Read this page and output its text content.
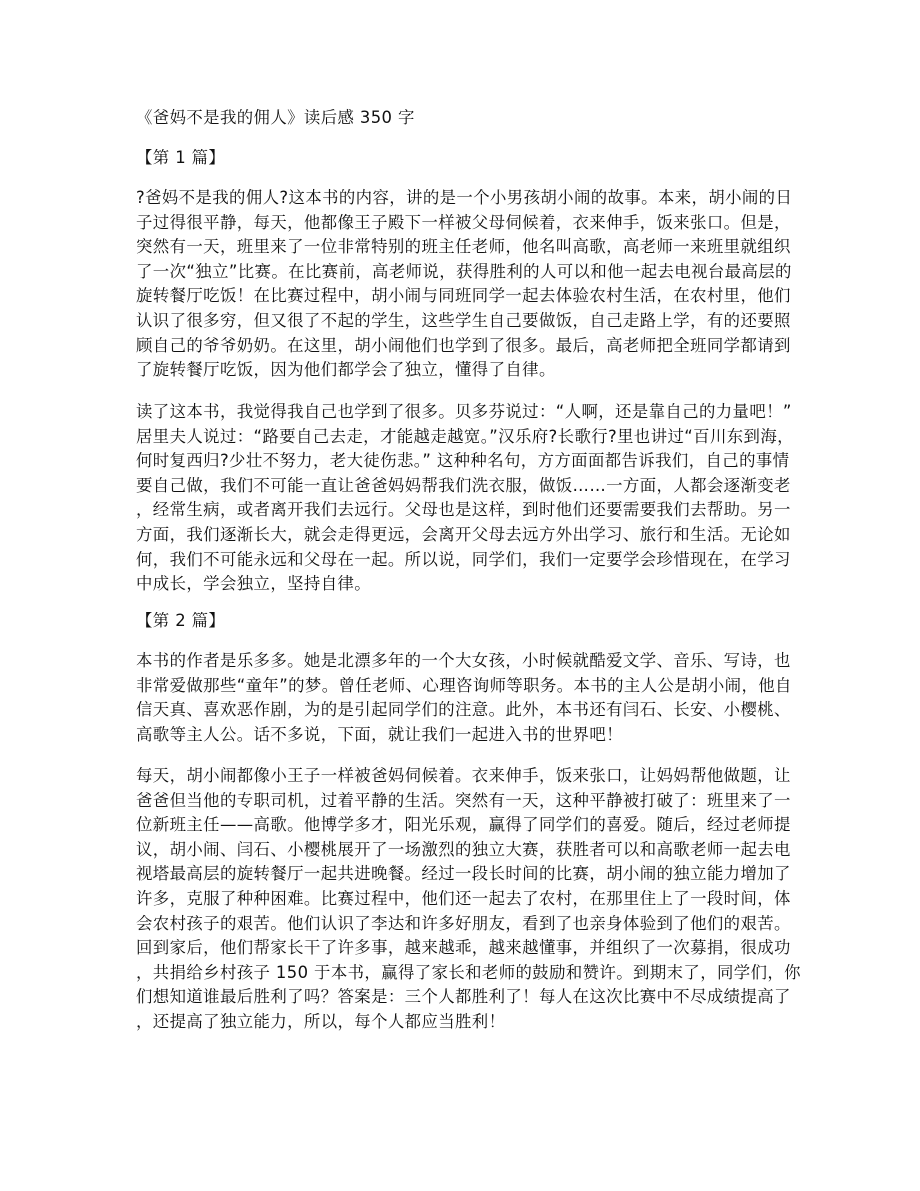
《爸妈不是我的佣人》读后感 350 字
【第 1 篇】
?爸妈不是我的佣人?这本书的内容，讲的是一个小男孩胡小闹的故事。本来，胡小闹的日
子过得很平静，每天，他都像王子殿下一样被父母伺候着，衣来伸手，饭来张口。但是，
突然有一天，班里来了一位非常特别的班主任老师，他名叫高歌，高老师一来班里就组织
了一次“独立”比赛。在比赛前，高老师说，获得胜利的人可以和他一起去电视台最高层的
旋转餐厅吃饭！在比赛过程中，胡小闹与同班同学一起去体验农村生活，在农村里，他们
认识了很多穷，但又很了不起的学生，这些学生自己要做饭，自己走路上学，有的还要照
顾自己的爷爷奶奶。在这里，胡小闹他们也学到了很多。最后，高老师把全班同学都请到
了旋转餐厅吃饭，因为他们都学会了独立，懂得了自律。
读了这本书，我觉得我自己也学到了很多。贝多芬说过：“人啊，还是靠自己的力量吧！”
居里夫人说过：“路要自己去走，才能越走越宽。”汉乐府?长歌行?里也讲过“百川东到海，
何时复西归?少壮不努力，老大徒伤悲。” 这种种名句，方方面面都告诉我们，自己的事情
要自己做，我们不可能一直让爸爸妈妈帮我们洗衣服，做饭……一方面，人都会逐渐变老
，经常生病，或者离开我们去远行。父母也是这样，到时他们还要需要我们去帮助。另一
方面，我们逐渐长大，就会走得更远，会离开父母去远方外出学习、旅行和生活。无论如
何，我们不可能永远和父母在一起。所以说，同学们，我们一定要学会珍惜现在，在学习
中成长，学会独立，坚持自律。
【第 2 篇】
本书的作者是乐多多。她是北漂多年的一个大女孩，小时候就酷爱文学、音乐、写诗，也
非常爱做那些“童年”的梦。曾任老师、心理咨询师等职务。本书的主人公是胡小闹，他自
信天真、喜欢恶作剧，为的是引起同学们的注意。此外，本书还有闫石、长安、小樱桃、
高歌等主人公。话不多说，下面，就让我们一起进入书的世界吧！
每天，胡小闹都像小王子一样被爸妈伺候着。衣来伸手，饭来张口，让妈妈帮他做题，让
爸爸但当他的专职司机，过着平静的生活。突然有一天，这种平静被打破了：班里来了一
位新班主任——高歌。他博学多才，阳光乐观，赢得了同学们的喜爱。随后，经过老师提
议，胡小闹、闫石、小樱桃展开了一场激烈的独立大赛，获胜者可以和高歌老师一起去电
视塔最高层的旋转餐厅一起共进晚餐。经过一段长时间的比赛，胡小闹的独立能力增加了
许多，克服了种种困难。比赛过程中，他们还一起去了农村，在那里住上了一段时间，体
会农村孩子的艰苦。他们认识了李达和许多好朋友，看到了也亲身体验到了他们的艰苦。
回到家后，他们帮家长干了许多事，越来越乖，越来越懂事，并组织了一次募捐，很成功
，共捐给乡村孩子 150 于本书，赢得了家长和老师的鼓励和赞许。到期末了，同学们，你
们想知道谁最后胜利了吗？答案是：三个人都胜利了！每人在这次比赛中不尽成绩提高了
，还提高了独立能力，所以，每个人都应当胜利！
